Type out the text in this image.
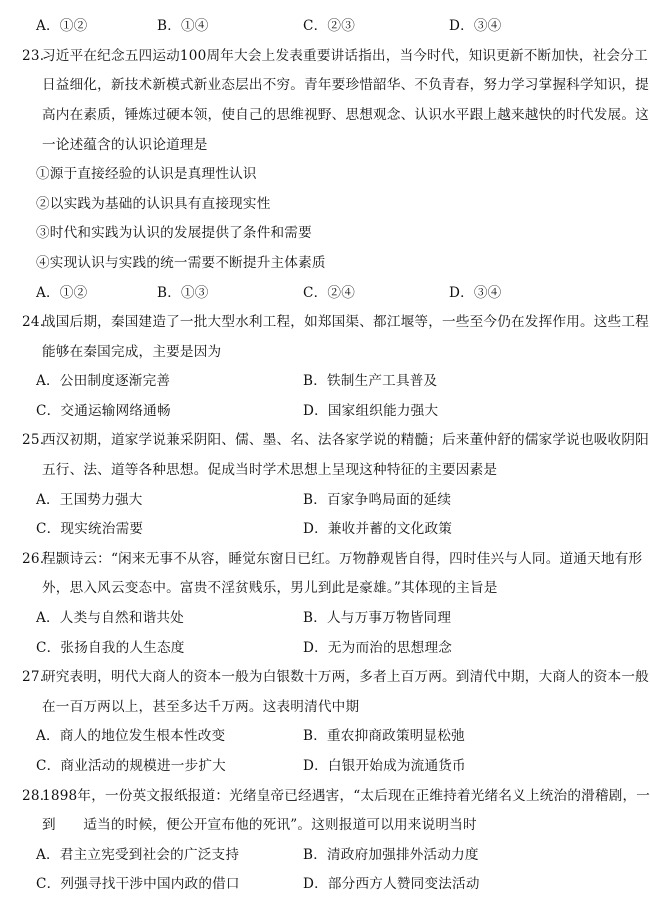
A．①②	B．①④	C．②③	D．③④
23.
习近平在纪念五四运动100周年大会上发表重要讲话指出，当今时代，知识更新不断加快，社会分工
日益细化，新技术新模式新业态层出不穷。青年要珍惜韶华、不负青春，努力学习掌握科学知识，提
高内在素质，锤炼过硬本领，使自己的思维视野、思想观念、认识水平跟上越来越快的时代发展。这
一论述蕴含的认识论道理是
①源于直接经验的认识是真理性认识
②以实践为基础的认识具有直接现实性
③时代和实践为认识的发展提供了条件和需要
④实现认识与实践的统一需要不断提升主体素质
A．①②	B．①③	C．②④	D．③④
24.
战国后期，秦国建造了一批大型水利工程，如郑国渠、都江堰等，一些至今仍在发挥作用。这些工程
能够在秦国完成，主要是因为
A．公田制度逐渐完善	B．铁制生产工具普及
C．交通运输网络通畅	D．国家组织能力强大
25.
西汉初期，道家学说兼采阴阳、儒、墨、名、法各家学说的精髓；后来董仲舒的儒家学说也吸收阴阳
五行、法、道等各种思想。促成当时学术思想上呈现这种特征的主要因素是
A．王国势力强大	B．百家争鸣局面的延续
C．现实统治需要	D．兼收并蓄的文化政策
26.
程颢诗云：“闲来无事不从容，睡觉东窗日已红。万物静观皆自得，四时佳兴与人同。道通天地有形
外，思入风云变态中。富贵不淫贫贱乐，男儿到此是豪雄。”其体现的主旨是
A．人类与自然和谐共处	B．人与万事万物皆同理
C．张扬自我的人生态度	D．无为而治的思想理念
27.
研究表明，明代大商人的资本一般为白银数十万两，多者上百万两。到清代中期，大商人的资本一般
在一百万两以上，甚至多达千万两。这表明清代中期
A．商人的地位发生根本性改变	B．重农抑商政策明显松弛
C．商业活动的规模进一步扩大	D．白银开始成为流通货币
28.
1898年，一份英文报纸报道：光绪皇帝已经遇害，“太后现在正维持着光绪名义上统治的滑稽剧，一
到　　适当的时候，便公开宣布他的死讯”。这则报道可以用来说明当时
A．君主立宪受到社会的广泛支持	B．清政府加强排外活动力度
C．列强寻找干涉中国内政的借口	D．部分西方人赞同变法活动
